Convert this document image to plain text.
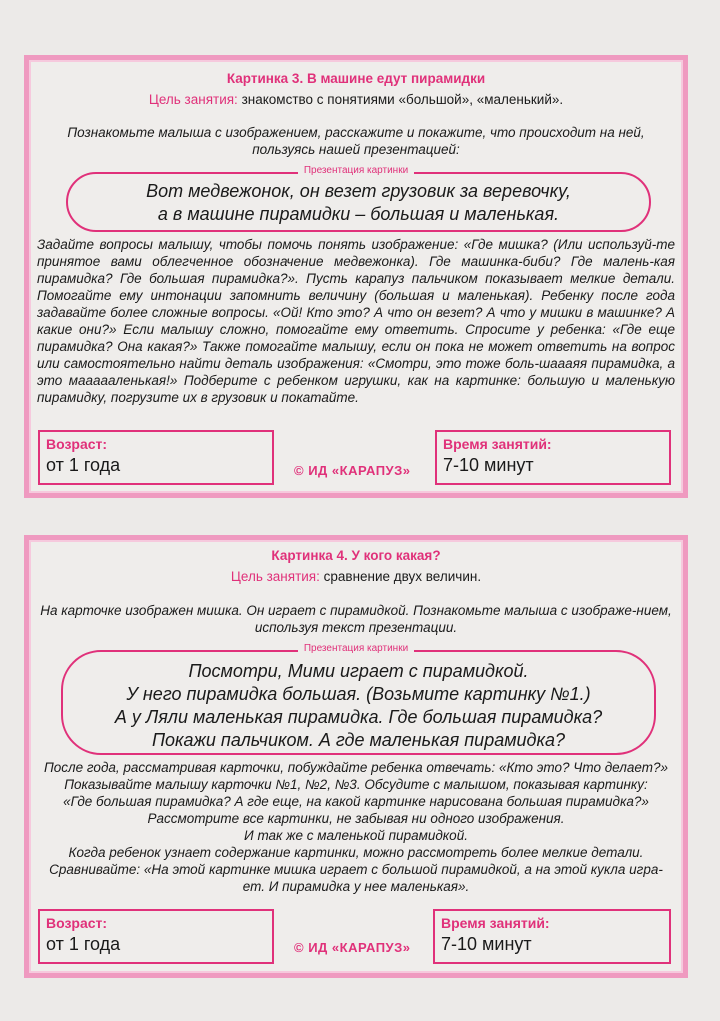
Картинка 3. В машине едут пирамидки
Цель занятия: знакомство с понятиями «большой», «маленький».
Познакомьте малыша с изображением, расскажите и покажите, что происходит на ней, пользуясь нашей презентацией:
Презентация картинки
Вот медвежонок, он везет грузовик за веревочку,
а в машине пирамидки – большая и маленькая.
Задайте вопросы малышу, чтобы помочь понять изображение: «Где мишка? (Или используй-те принятое вами облегченное обозначение медвежонка). Где машинка-биби? Где малень-кая пирамидка? Где большая пирамидка?». Пусть карапуз пальчиком показывает мелкие детали. Помогайте ему интонации запомнить величину (большая и маленькая). Ребенку после года задавайте более сложные вопросы. «Ой! Кто это? А что он везет? А что у мишки в машинке? А какие они?» Если малышу сложно, помогайте ему ответить. Спросите у ребенка: «Где еще пирамидка? Она какая?» Также помогайте малышу, если он пока не может ответить на вопрос или самостоятельно найти деталь изображения: «Смотри, это тоже боль-шаааяя пирамидка, а это маааааленькая!» Подберите с ребенком игрушки, как на картинке: большую и маленькую пирамидку, погрузите их в грузовик и покатайте.
Возраст:
от 1 года	© ИД «КАРАПУЗ»
Время занятий:
7-10 минут
Картинка 4. У кого какая?
Цель занятия: сравнение двух величин.
На карточке изображен мишка. Он играет с пирамидкой. Познакомьте малыша с изображе-нием, используя текст презентации.
Презентация картинки
Посмотри, Мими играет с пирамидкой.
У него пирамидка большая. (Возьмите картинку №1.)
А у Ляли маленькая пирамидка. Где большая пирамидка?
Покажи пальчиком. А где маленькая пирамидка?
После года, рассматривая карточки, побуждайте ребенка отвечать: «Кто это? Что делает?»
Показывайте малышу карточки №1, №2, №3. Обсудите с малышом, показывая картинку:
«Где большая пирамидка? А где еще, на какой картинке нарисована большая пирамидка?»
Рассмотрите все картинки, не забывая ни одного изображения.
И так же с маленькой пирамидкой.
Когда ребенок узнает содержание картинки, можно рассмотреть более мелкие детали.
Сравнивайте: «На этой картинке мишка играет с большой пирамидкой, а на этой кукла игра-
ет. И пирамидка у нее маленькая».
Возраст:
от 1 года	© ИД «КАРАПУЗ»
Время занятий:
7-10 минут
